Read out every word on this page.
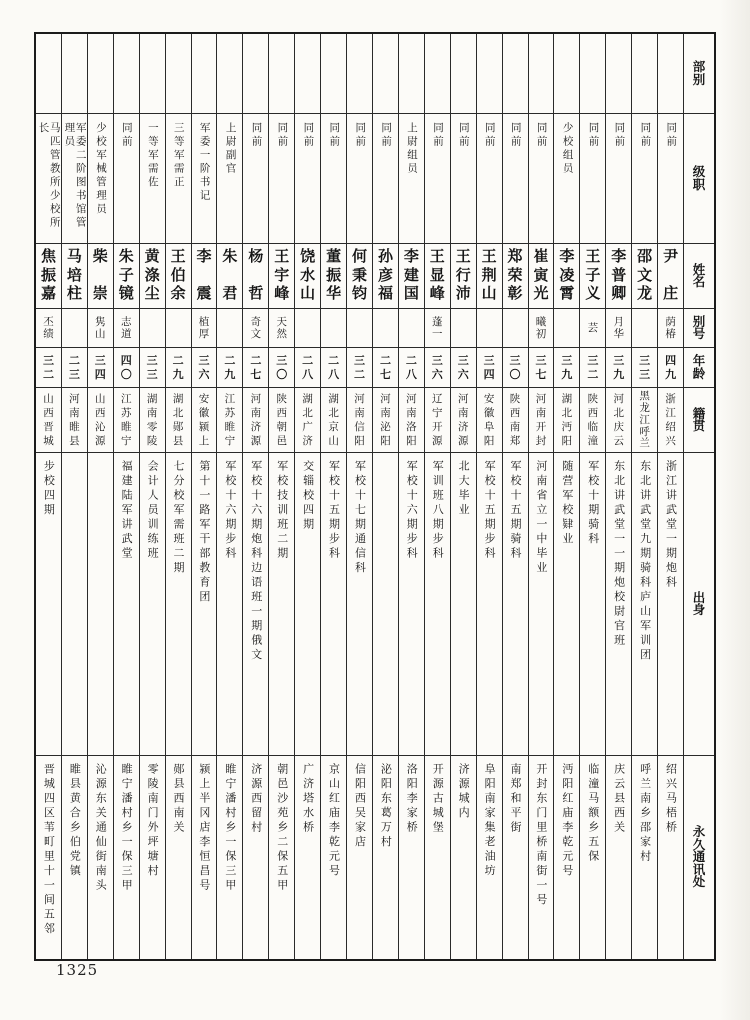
马匹管教所少校所长
焦
振
嘉
丕
绩
三
二
山
西
晋
城
步校四期
晋城四区苇町里十一间五邻
军委二阶图书馆管理员
马
培
柱
二
三
河
南
睢
县
睢县黄合乡伯党镇
少校军械管理员
柴
崇
隽
山
三
四
山
西
沁
源
沁源东关通仙街南头
同前
朱
子
镜
志
道
四
〇
江
苏
睢
宁
福建陆军讲武堂
睢宁潘村乡一保三甲
一等军需佐
黄
涤
尘
三
三
湖
南
零
陵
会计人员训练班
零陵南门外坪塘村
三等军需正
王
伯
余
二
九
湖
北
郧
县
七分校军需班二期
郧县西南关
军委一阶书记
李
震
植
厚
三
六
安
徽
颍
上
第十一路军干部教育团
颍上半冈店李恒昌号
上尉副官
朱
君
二
九
江
苏
睢
宁
军校十六期步科
睢宁潘村乡一保三甲
同前
杨
哲
奇
文
二
七
河
南
济
源
军校十六期炮科边语班一期俄文
济源西留村
同前
王
宇
峰
天
然
三
〇
陕
西
朝
邑
军校技训班二期
朝邑沙苑乡二保五甲
同前
饶
水
山
二
八
湖
北
广
济
交辎校四期
广济塔水桥
同前
董
振
华
二
八
湖
北
京
山
军校十五期步科
京山红庙李乾元号
同前
何
秉
钧
三
二
河
南
信
阳
军校十七期通信科
信阳西吴家店
同前
孙
彦
福
二
七
河
南
泌
阳
泌阳东葛万村
上尉组员
李
建
国
二
八
河
南
洛
阳
军校十六期步科
洛阳李家桥
同前
王
显
峰
蓬
一
三
六
辽
宁
开
源
军训班八期步科
开源古城堡
同前
王
行
沛
三
六
河
南
济
源
北大毕业
济源城内
同前
王
荆
山
三
四
安
徽
阜
阳
军校十五期步科
阜阳南家集老油坊
同前
郑
荣
彰
三
〇
陕
西
南
郑
军校十五期骑科
南郑和平街
同前
崔
寅
光
曦
初
三
七
河
南
开
封
河南省立一中毕业
开封东门里桥南街一号
少校组员
李
凌
霄
三
九
湖
北
沔
阳
随营军校肄业
沔阳红庙李乾元号
同前
王
子
义
芸
三
二
陕
西
临
潼
军校十期骑科
临潼马额乡五保
同前
李
普
卿
月
华
三
九
河
北
庆
云
东北讲武堂一一期炮校尉官班
庆云县西关
同前
邵
文
龙
三
三
黑
龙
江
呼
兰
东北讲武堂九期骑科庐山军训团
呼兰南乡邵家村
同前
尹
庄
荫
椿
四
九
浙
江
绍
兴
浙江讲武堂一期炮科
绍兴马梧桥
部
别
级
职
姓
名
别
号
年
龄
籍
贯
出
身
永
久
通
讯
处
1325
